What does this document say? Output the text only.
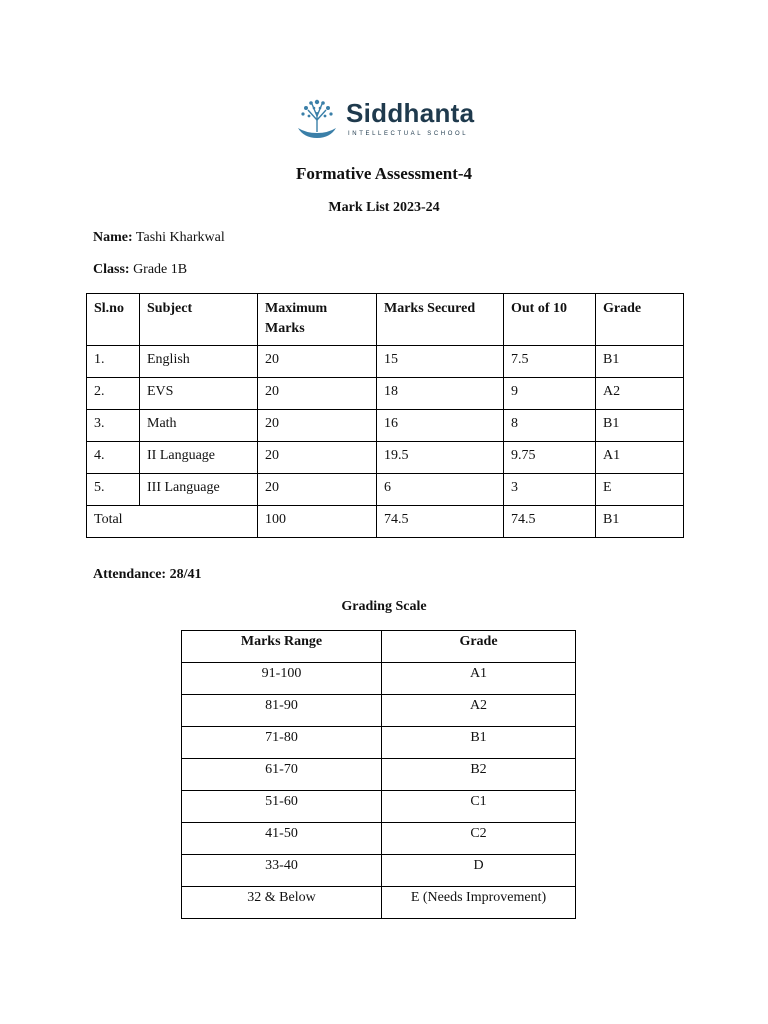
Siddhanta
INTELLECTUAL SCHOOL
Formative Assessment-4
Mark List 2023-24
Name: Tashi Kharkwal
Class: Grade 1B
Sl.no	Subject	Maximum Marks	Marks Secured	Out of 10	Grade
1.	English	20	15	7.5	B1
2.	EVS	20	18	9	A2
3.	Math	20	16	8	B1
4.	II Language	20	19.5	9.75	A1
5.	III Language	20	6	3	E
Total		100	74.5	74.5	B1
Attendance: 28/41
Grading Scale
Marks Range	Grade
91-100	A1
81-90	A2
71-80	B1
61-70	B2
51-60	C1
41-50	C2
33-40	D
32 & Below	E (Needs Improvement)
